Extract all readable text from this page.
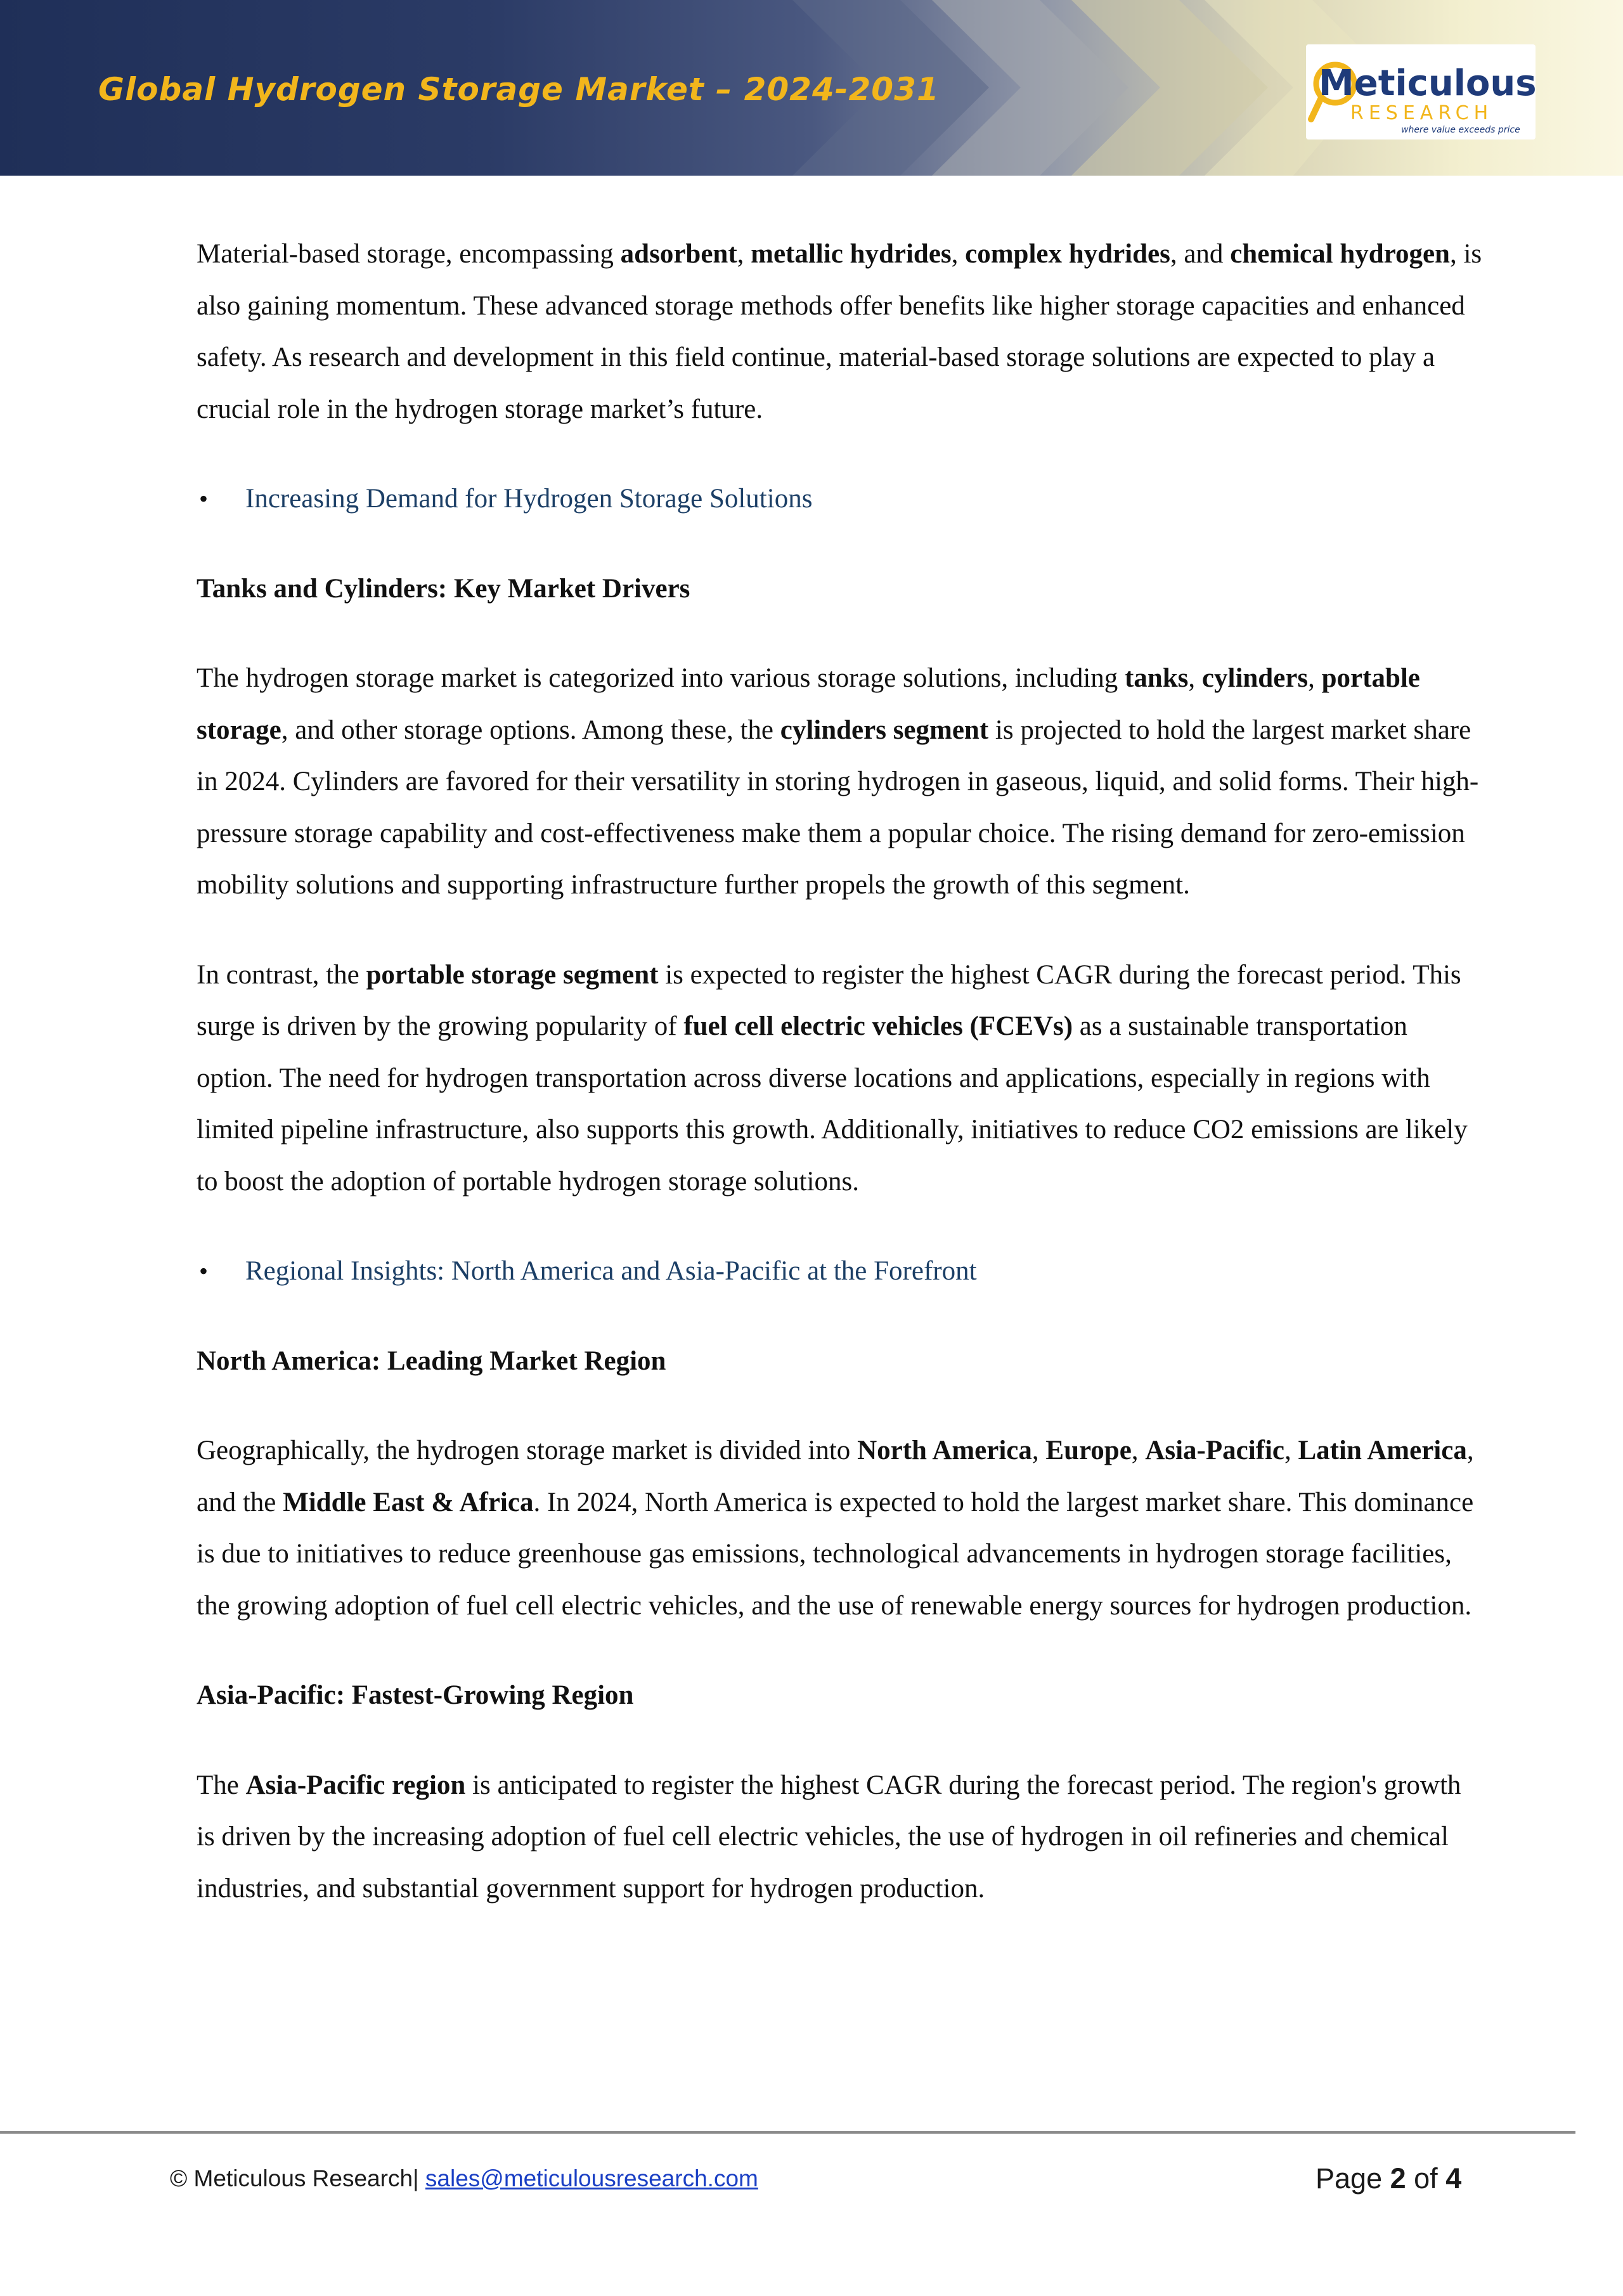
Global Hydrogen Storage Market – 2024-2031	Meticulous
RESEARCH
where value exceeds price

Material-based storage, encompassing adsorbent, metallic hydrides, complex hydrides, and chemical hydrogen, is also gaining momentum. These advanced storage methods offer benefits like higher storage capacities and enhanced safety. As research and development in this field continue, material-based storage solutions are expected to play a crucial role in the hydrogen storage market’s future.

• Increasing Demand for Hydrogen Storage Solutions

Tanks and Cylinders: Key Market Drivers

The hydrogen storage market is categorized into various storage solutions, including tanks, cylinders, portable storage, and other storage options. Among these, the cylinders segment is projected to hold the largest market share in 2024. Cylinders are favored for their versatility in storing hydrogen in gaseous, liquid, and solid forms. Their high-pressure storage capability and cost-effectiveness make them a popular choice. The rising demand for zero-emission mobility solutions and supporting infrastructure further propels the growth of this segment.

In contrast, the portable storage segment is expected to register the highest CAGR during the forecast period. This surge is driven by the growing popularity of fuel cell electric vehicles (FCEVs) as a sustainable transportation option. The need for hydrogen transportation across diverse locations and applications, especially in regions with limited pipeline infrastructure, also supports this growth. Additionally, initiatives to reduce CO2 emissions are likely to boost the adoption of portable hydrogen storage solutions.

• Regional Insights: North America and Asia-Pacific at the Forefront

North America: Leading Market Region

Geographically, the hydrogen storage market is divided into North America, Europe, Asia-Pacific, Latin America, and the Middle East & Africa. In 2024, North America is expected to hold the largest market share. This dominance is due to initiatives to reduce greenhouse gas emissions, technological advancements in hydrogen storage facilities, the growing adoption of fuel cell electric vehicles, and the use of renewable energy sources for hydrogen production.

Asia-Pacific: Fastest-Growing Region

The Asia-Pacific region is anticipated to register the highest CAGR during the forecast period. The region's growth is driven by the increasing adoption of fuel cell electric vehicles, the use of hydrogen in oil refineries and chemical industries, and substantial government support for hydrogen production.

© Meticulous Research| sales@meticulousresearch.com	Page 2 of 4
